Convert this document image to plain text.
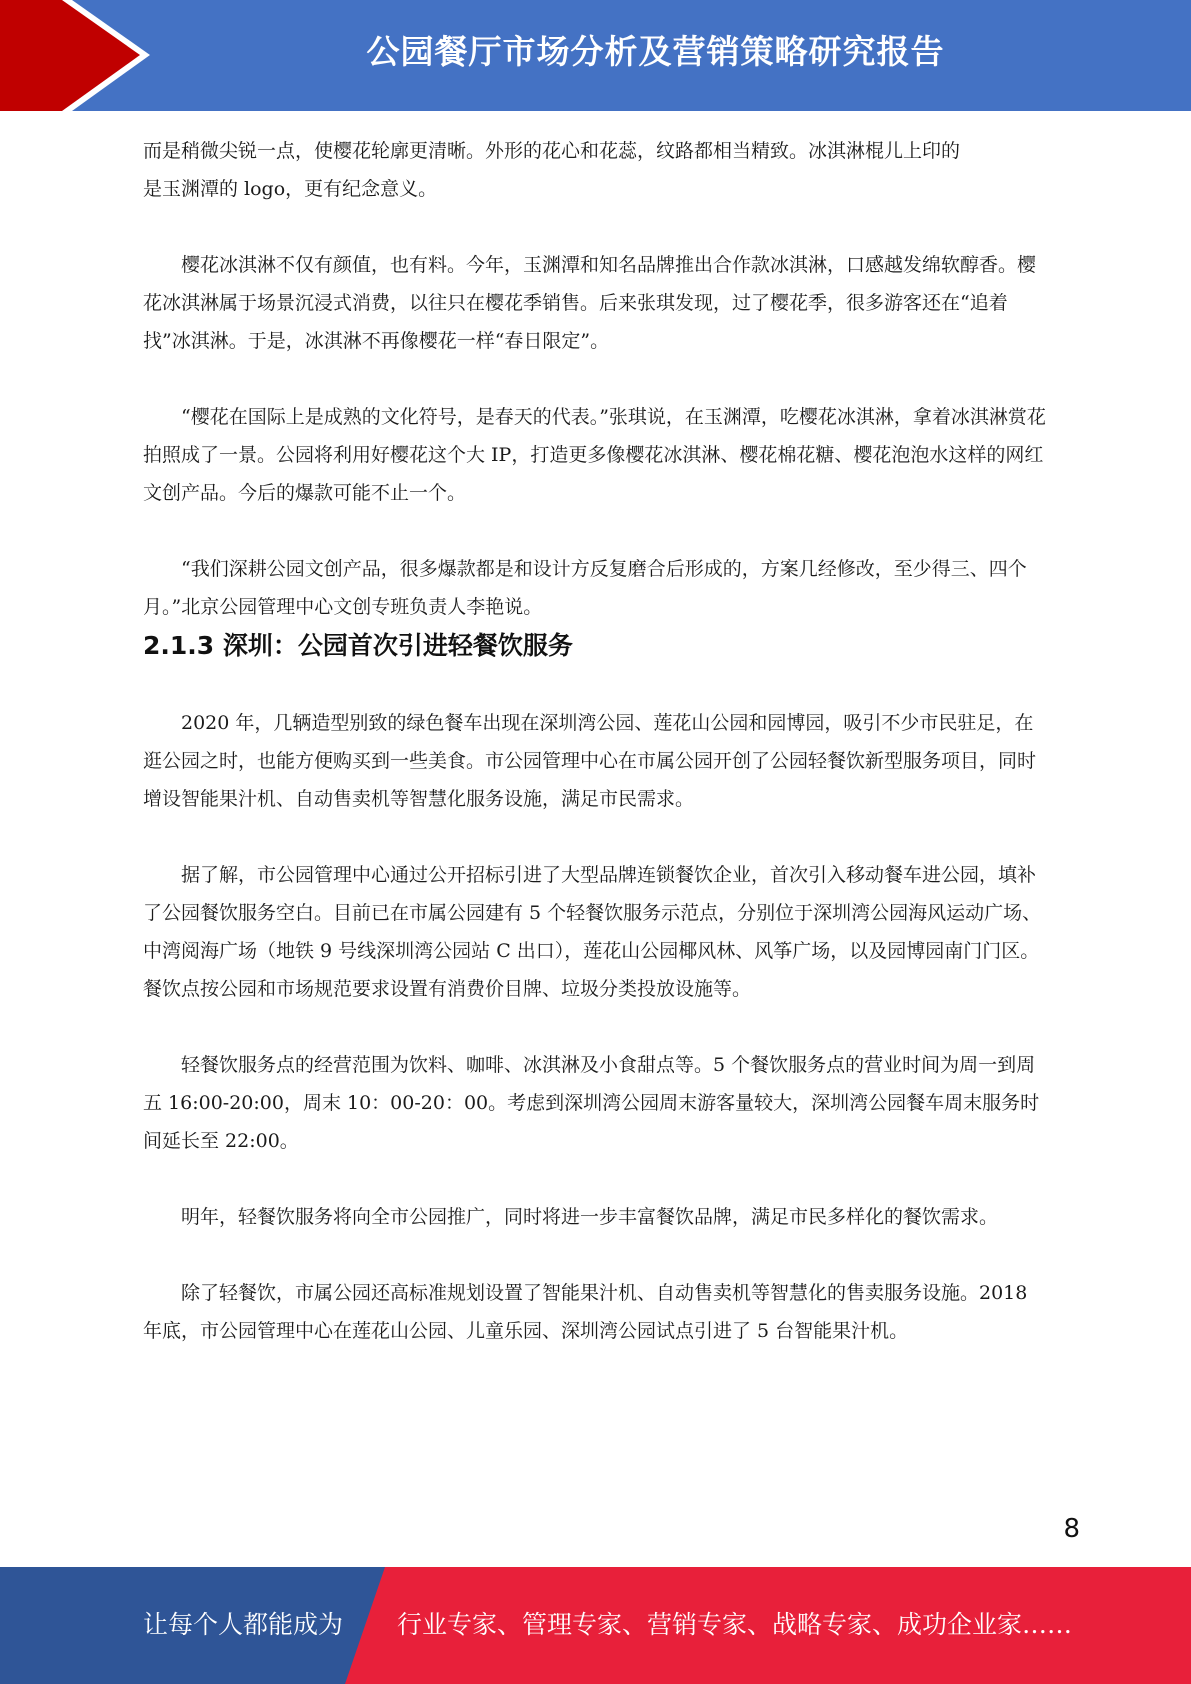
公园餐厅市场分析及营销策略研究报告

而是稍微尖锐一点，使樱花轮廓更清晰。外形的花心和花蕊，纹路都相当精致。冰淇淋棍儿上印的

是玉渊潭的 logo，更有纪念意义。

樱花冰淇淋不仅有颜值，也有料。今年，玉渊潭和知名品牌推出合作款冰淇淋，口感越发绵软醇香。樱花冰淇淋属于场景沉浸式消费，以往只在樱花季销售。后来张琪发现，过了樱花季，很多游客还在“追着找”冰淇淋。于是，冰淇淋不再像樱花一样“春日限定”。

“樱花在国际上是成熟的文化符号，是春天的代表。”张琪说，在玉渊潭，吃樱花冰淇淋，拿着冰淇淋赏花拍照成了一景。公园将利用好樱花这个大 IP，打造更多像樱花冰淇淋、樱花棉花糖、樱花泡泡水这样的网红文创产品。今后的爆款可能不止一个。

“我们深耕公园文创产品，很多爆款都是和设计方反复磨合后形成的，方案几经修改，至少得三、四个月。”北京公园管理中心文创专班负责人李艳说。

2.1.3 深圳：公园首次引进轻餐饮服务

2020 年，几辆造型别致的绿色餐车出现在深圳湾公园、莲花山公园和园博园，吸引不少市民驻足，在逛公园之时，也能方便购买到一些美食。市公园管理中心在市属公园开创了公园轻餐饮新型服务项目，同时增设智能果汁机、自动售卖机等智慧化服务设施，满足市民需求。

据了解，市公园管理中心通过公开招标引进了大型品牌连锁餐饮企业，首次引入移动餐车进公园，填补了公园餐饮服务空白。目前已在市属公园建有 5 个轻餐饮服务示范点，分别位于深圳湾公园海风运动广场、中湾阅海广场（地铁 9 号线深圳湾公园站 C 出口），莲花山公园椰风林、风筝广场，以及园博园南门门区。餐饮点按公园和市场规范要求设置有消费价目牌、垃圾分类投放设施等。

轻餐饮服务点的经营范围为饮料、咖啡、冰淇淋及小食甜点等。5 个餐饮服务点的营业时间为周一到周五 16:00-20:00，周末 10：00-20：00。考虑到深圳湾公园周末游客量较大，深圳湾公园餐车周末服务时间延长至 22:00。

明年，轻餐饮服务将向全市公园推广，同时将进一步丰富餐饮品牌，满足市民多样化的餐饮需求。

除了轻餐饮，市属公园还高标准规划设置了智能果汁机、自动售卖机等智慧化的售卖服务设施。2018 年底，市公园管理中心在莲花山公园、儿童乐园、深圳湾公园试点引进了 5 台智能果汁机。

8
让每个人都能成为 行业专家、管理专家、营销专家、战略专家、成功企业家……
